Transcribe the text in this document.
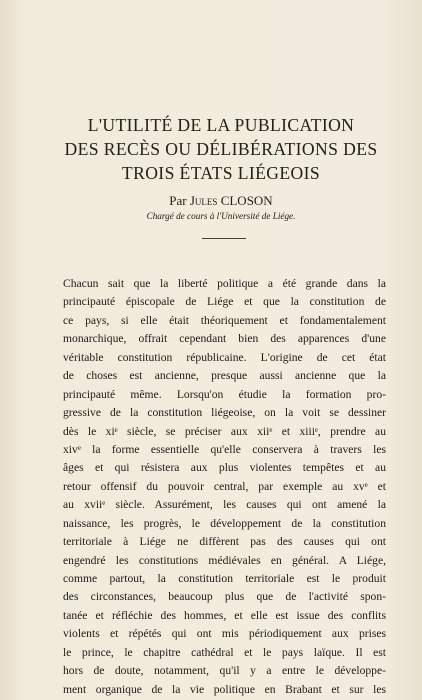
L'UTILITÉ DE LA PUBLICATION
DES RECÈS OU DÉLIBÉRATIONS DES
TROIS ÉTATS LIÉGEOIS
Par Jules CLOSON
Chargé de cours à l'Université de Liége.
Chacun sait que la liberté politique a été grande dans la
principauté épiscopale de Liége et que la constitution de
ce pays, si elle était théoriquement et fondamentalement
monarchique, offrait cependant bien des apparences d'une
véritable constitution républicaine. L'origine de cet état
de choses est ancienne, presque aussi ancienne que la
principauté même. Lorsqu'on étudie la formation pro-
gressive de la constitution liégeoise, on la voit se dessiner
dès le xiᵉ siècle, se préciser aux xiiᵉ et xiiiᵉ, prendre au
xivᵉ la forme essentielle qu'elle conservera à travers les
âges et qui résistera aux plus violentes tempêtes et au
retour offensif du pouvoir central, par exemple au xvᵉ et
au xviiᵉ siècle. Assurément, les causes qui ont amené la
naissance, les progrès, le développement de la constitution
territoriale à Liége ne diffèrent pas des causes qui ont
engendré les constitutions médiévales en général. A Liége,
comme partout, la constitution territoriale est le produit
des circonstances, beaucoup plus que de l'activité spon-
tanée et réfléchie des hommes, et elle est issue des conflits
violents et répétés qui ont mis périodiquement aux prises
le prince, le chapitre cathédral et le pays laïque. Il est
hors de doute, notamment, qu'il y a entre le développe-
ment organique de la vie politique en Brabant et sur les
